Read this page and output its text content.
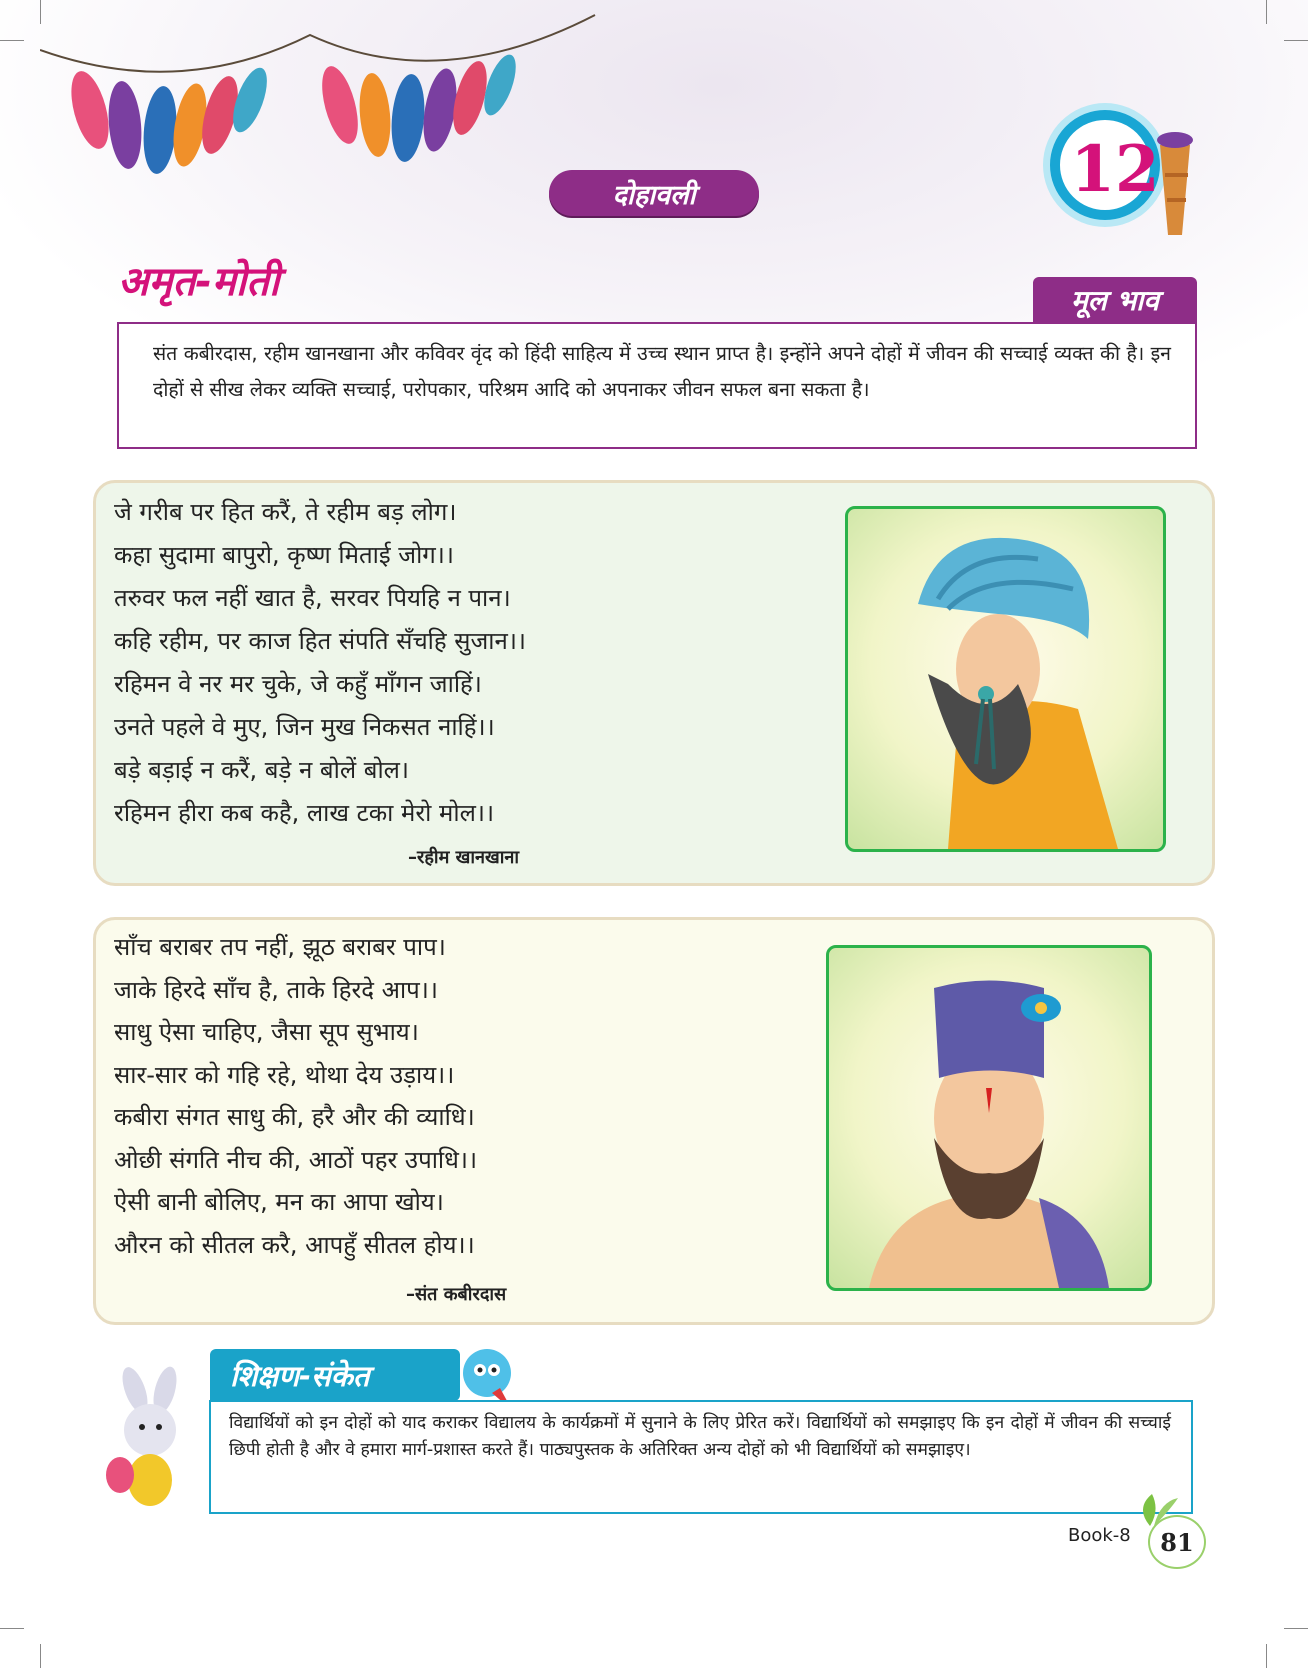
दोहावली	12
अमृत-मोती	मूल भाव
संत कबीरदास, रहीम खानखाना और कविवर वृंद को हिंदी साहित्य में उच्च स्थान प्राप्त है। इन्होंने अपने दोहों में जीवन की सच्चाई व्यक्त की है। इन दोहों से सीख लेकर व्यक्ति सच्चाई, परोपकार, परिश्रम आदि को अपनाकर जीवन सफल बना सकता है।
जे गरीब पर हित करैं, ते रहीम बड़ लोग।
कहा सुदामा बापुरो, कृष्ण मिताई जोग।।
तरुवर फल नहीं खात है, सरवर पियहि न पान।
कहि रहीम, पर काज हित संपति सँचहि सुजान।।
रहिमन वे नर मर चुके, जे कहुँ माँगन जाहिं।
उनते पहले वे मुए, जिन मुख निकसत नाहिं।।
बड़े बड़ाई न करैं, बड़े न बोलें बोल।
रहिमन हीरा कब कहै, लाख टका मेरो मोल।।
–रहीम खानखाना
साँच बराबर तप नहीं, झूठ बराबर पाप।
जाके हिरदे साँच है, ताके हिरदे आप।।
साधु ऐसा चाहिए, जैसा सूप सुभाय।
सार-सार को गहि रहे, थोथा देय उड़ाय।।
कबीरा संगत साधु की, हरै और की व्याधि।
ओछी संगति नीच की, आठों पहर उपाधि।।
ऐसी बानी बोलिए, मन का आपा खोय।
औरन को सीतल करै, आपहुँ सीतल होय।।
–संत कबीरदास
शिक्षण-संकेत
विद्यार्थियों को इन दोहों को याद कराकर विद्यालय के कार्यक्रमों में सुनाने के लिए प्रेरित करें। विद्यार्थियों को समझाइए कि इन दोहों में जीवन की सच्चाई छिपी होती है और वे हमारा मार्ग-प्रशास्त करते हैं। पाठ्यपुस्तक के अतिरिक्त अन्य दोहों को भी विद्यार्थियों को समझाइए।
Book-8	81
